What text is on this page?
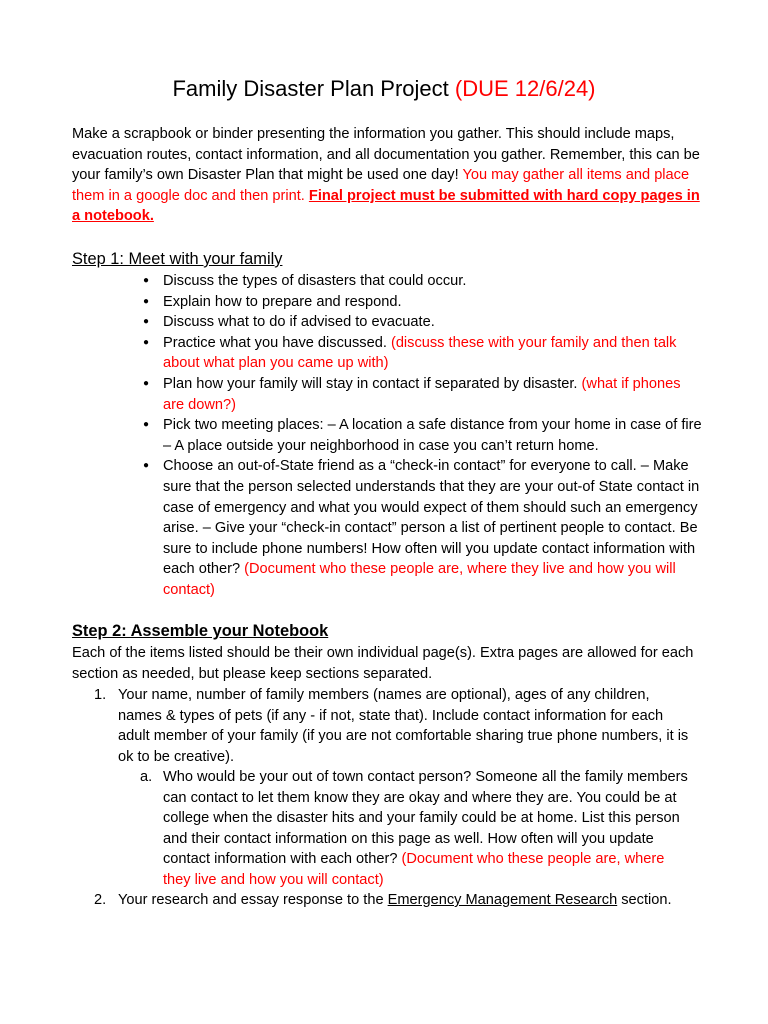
Family Disaster Plan Project (DUE 12/6/24)
Make a scrapbook or binder presenting the information you gather. This should include maps, evacuation routes, contact information, and all documentation you gather. Remember, this can be your family’s own Disaster Plan that might be used one day! You may gather all items and place them in a google doc and then print. Final project must be submitted with hard copy pages in a notebook.
Step 1: Meet with your family
● Discuss the types of disasters that could occur.
● Explain how to prepare and respond.
● Discuss what to do if advised to evacuate.
● Practice what you have discussed. (discuss these with your family and then talk about what plan you came up with)
● Plan how your family will stay in contact if separated by disaster. (what if phones are down?)
● Pick two meeting places: – A location a safe distance from your home in case of fire – A place outside your neighborhood in case you can’t return home.
● Choose an out-of-State friend as a “check-in contact” for everyone to call. – Make sure that the person selected understands that they are your out-of State contact in case of emergency and what you would expect of them should such an emergency arise. – Give your “check-in contact” person a list of pertinent people to contact. Be sure to include phone numbers! How often will you update contact information with each other? (Document who these people are, where they live and how you will contact)
Step 2: Assemble your Notebook
Each of the items listed should be their own individual page(s). Extra pages are allowed for each section as needed, but please keep sections separated.
1. Your name, number of family members (names are optional), ages of any children, names & types of pets (if any - if not, state that). Include contact information for each adult member of your family (if you are not comfortable sharing true phone numbers, it is ok to be creative).
a. Who would be your out of town contact person? Someone all the family members can contact to let them know they are okay and where they are. You could be at college when the disaster hits and your family could be at home. List this person and their contact information on this page as well. How often will you update contact information with each other? (Document who these people are, where they live and how you will contact)
2. Your research and essay response to the Emergency Management Research section.
